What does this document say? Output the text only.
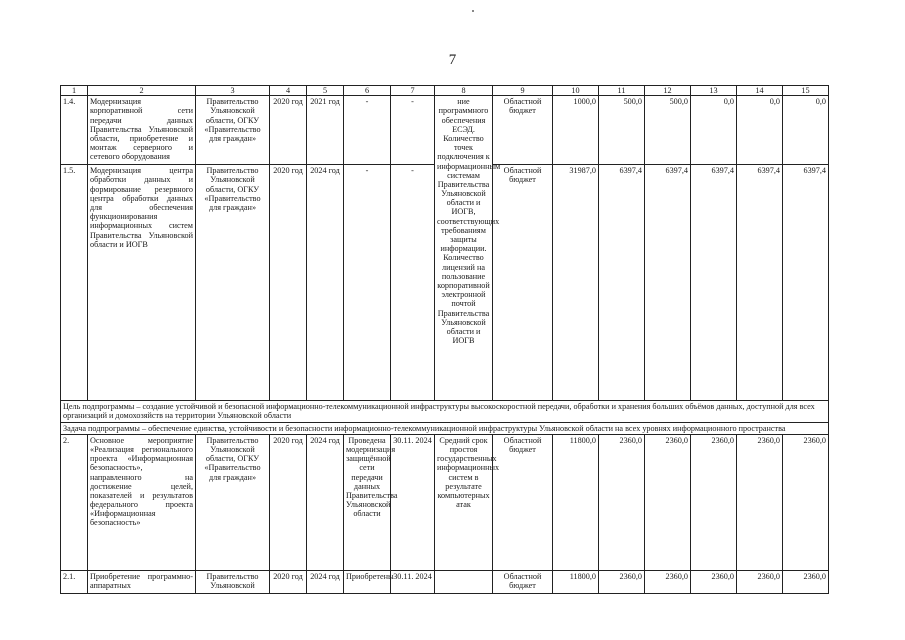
7
1	2	3	4	5	6	7	8	9	10	11	12	13	14	15
1.4.	Модернизация корпоративной сети передачи данных Правительства Ульяновской области, приобретение и монтаж серверного и сетевого оборудования	Правительство Ульяновской области, ОГКУ «Правительство для граждан»	2020 год	2021 год	-	-	ние программного обеспечения ЕСЭД. Количество точек подключения к информационным системам Правительства Ульяновской области и ИОГВ, соответствующих требованиям защиты информации. Количество лицензий на пользование корпоративной электронной почтой Правительства Ульяновской области и ИОГВ	Областной бюджет	1000,0	500,0	500,0	0,0	0,0	0,0
1.5.	Модернизация центра обработки данных и формирование резервного центра обработки данных для обеспечения функционирования информационных систем Правительства Ульяновской области и ИОГВ	Правительство Ульяновской области, ОГКУ «Правительство для граждан»	2020 год	2024 год	-	-		Областной бюджет	31987,0	6397,4	6397,4	6397,4	6397,4	6397,4
Цель подпрограммы – создание устойчивой и безопасной информационно-телекоммуникационной инфраструктуры высокоскоростной передачи, обработки и хранения больших объёмов данных, доступной для всех организаций и домохозяйств на территории Ульяновской области														
Задача подпрограммы – обеспечение единства, устойчивости и безопасности информационно-телекоммуникационной инфраструктуры Ульяновской области на всех уровнях информационного пространства														
2.	Основное мероприятие «Реализация регионального проекта «Информационная безопасность», направленного на достижение целей, показателей и результатов федерального проекта «Информационная безопасность»	Правительство Ульяновской области, ОГКУ «Правительство для граждан»	2020 год	2024 год	Проведена модернизация защищённой сети передачи данных Правительства Ульяновской области	30.11. 2024	Средний срок простоя государственных информационных систем в результате компьютерных атак	Областной бюджет	11800,0	2360,0	2360,0	2360,0	2360,0	2360,0
2.1.	Приобретение программно-аппаратных	Правительство Ульяновской	2020 год	2024 год	Приобретены	30.11. 2024		Областной бюджет	11800,0	2360,0	2360,0	2360,0	2360,0	2360,0
